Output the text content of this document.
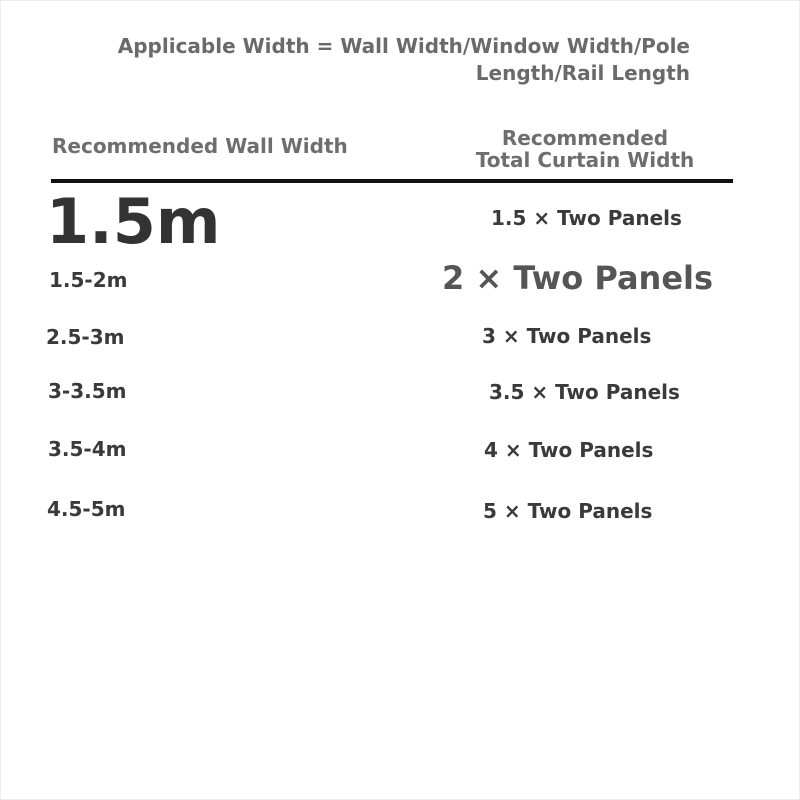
Applicable Width = Wall Width/Window Width/Pole
Length/Rail Length
Recommended Wall Width	Recommended
Total Curtain Width
1.5m	1.5 × Two Panels
1.5-2m	2 × Two Panels
2.5-3m	3 × Two Panels
3-3.5m	3.5 × Two Panels
3.5-4m	4 × Two Panels
4.5-5m	5 × Two Panels
